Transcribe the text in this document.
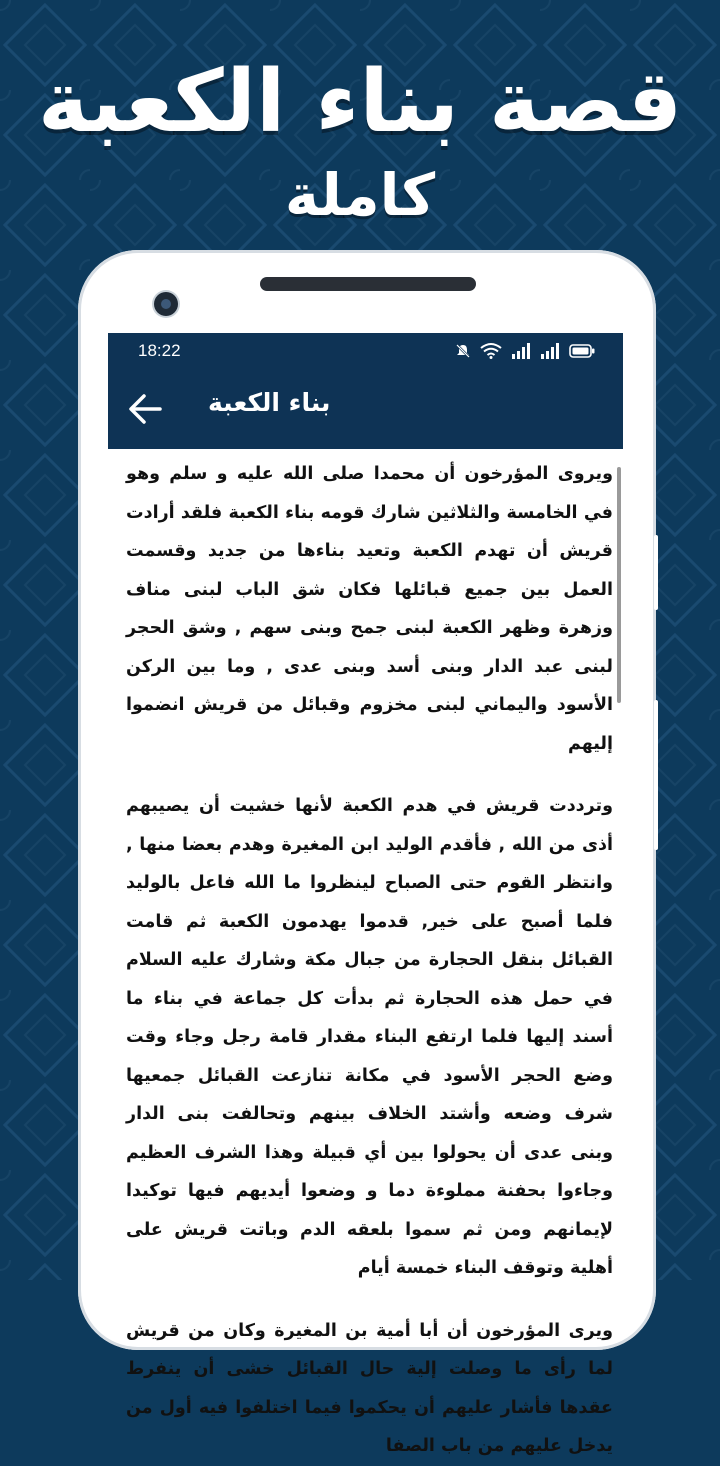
قصة بناء الكعبة
كاملة
18:22
بناء الكعبة

ويروى المؤرخون أن محمدا صلى الله عليه و سلم وهو في الخامسة والثلاثين شارك قومه بناء الكعبة فلقد أرادت قريش أن تهدم الكعبة وتعيد بناءها من جديد وقسمت العمل بين جميع قبائلها فكان شق الباب لبنى مناف وزهرة وظهر الكعبة لبنى جمح وبنى سهم , وشق الحجر لبنى عبد الدار وبنى أسد وبنى عدى , وما بين الركن الأسود واليماني لبنى مخزوم وقبائل من قريش انضموا إليهم

وترددت قريش في هدم الكعبة لأنها خشيت أن يصيبهم أذى من الله , فأقدم الوليد ابن المغيرة وهدم بعضا منها , وانتظر القوم حتى الصباح لينظروا ما الله فاعل بالوليد فلما أصبح على خير, قدموا يهدمون الكعبة ثم قامت القبائل بنقل الحجارة من جبال مكة وشارك عليه السلام في حمل هذه الحجارة ثم بدأت كل جماعة في بناء ما أسند إليها فلما ارتفع البناء مقدار قامة رجل وجاء وقت وضع الحجر الأسود في مكانة تنازعت القبائل جمعيها شرف وضعه وأشتد الخلاف بينهم وتحالفت بنى الدار وبنى عدى أن يحولوا بين أي قبيلة وهذا الشرف العظيم وجاءوا بحفنة مملوءة دما و وضعوا أيديهم فيها توكيدا لإيمانهم ومن ثم سموا بلعقه الدم وباتت قريش على أهلية وتوقف البناء خمسة أيام

ويرى المؤرخون أن أبا أمية بن المغيرة وكان من قريش لما رأى ما وصلت إلية حال القبائل خشى أن ينفرط عقدها فأشار عليهم أن يحكموا فيما اختلفوا فيه أول من يدخل عليهم من باب الصفا
